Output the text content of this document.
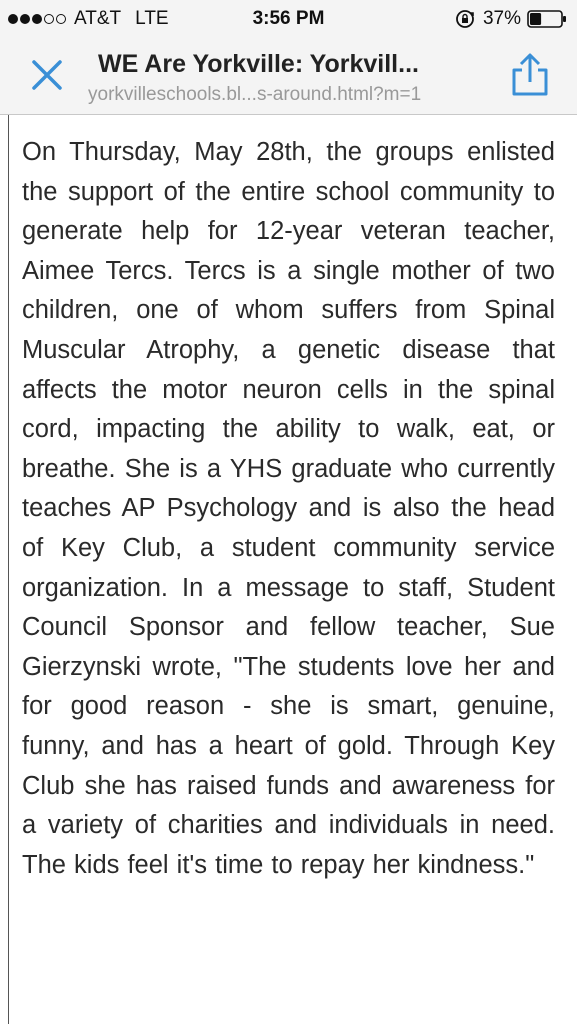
AT&T LTE	3:56 PM	37%
WE Are Yorkville: Yorkvill...
yorkvilleschools.bl...s-around.html?m=1

On Thursday, May 28th, the groups enlisted the support of the entire school community to generate help for 12-year veteran teacher, Aimee Tercs. Tercs is a single mother of two children, one of whom suffers from Spinal Muscular Atrophy, a genetic disease that affects the motor neuron cells in the spinal cord, impacting the ability to walk, eat, or breathe. She is a YHS graduate who currently teaches AP Psychology and is also the head of Key Club, a student community service organization. In a message to staff, Student Council Sponsor and fellow teacher, Sue Gierzynski wrote, "The students love her and for good reason - she is smart, genuine, funny, and has a heart of gold. Through Key Club she has raised funds and awareness for a variety of charities and individuals in need. The kids feel it's time to repay her kindness."
